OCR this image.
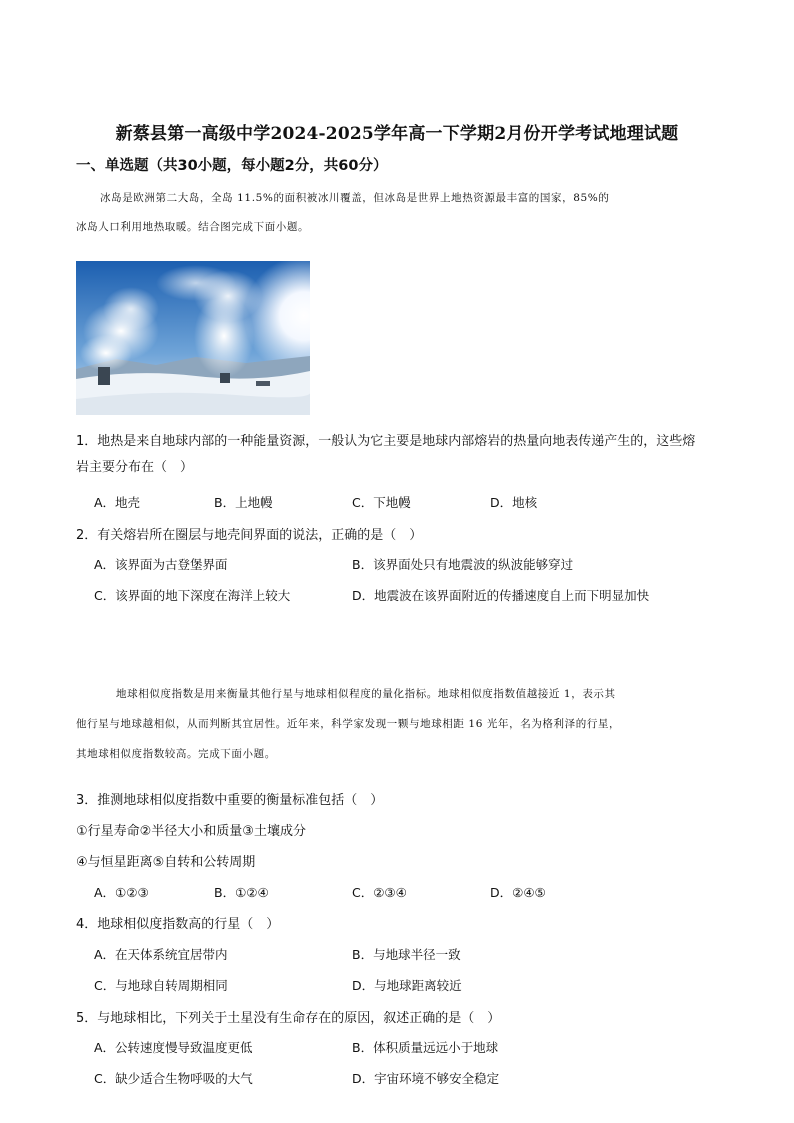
新蔡县第一高级中学2024-2025学年高一下学期2月份开学考试地理试题
一、单选题（共30小题，每小题2分，共60分）
冰岛是欧洲第二大岛，全岛 11.5%的面积被冰川覆盖，但冰岛是世界上地热资源最丰富的国家，85%的
冰岛人口利用地热取暖。结合图完成下面小题。
1．地热是来自地球内部的一种能量资源，一般认为它主要是地球内部熔岩的热量向地表传递产生的，这些熔
岩主要分布在（　）
A．地壳	B．上地幔	C．下地幔	D．地核
2．有关熔岩所在圈层与地壳间界面的说法，正确的是（　）
A．该界面为古登堡界面	B．该界面处只有地震波的纵波能够穿过
C．该界面的地下深度在海洋上较大	D．地震波在该界面附近的传播速度自上而下明显加快
地球相似度指数是用来衡量其他行星与地球相似程度的量化指标。地球相似度指数值越接近 1，表示其
他行星与地球越相似，从而判断其宜居性。近年来，科学家发现一颗与地球相距 16 光年，名为格利泽的行星，
其地球相似度指数较高。完成下面小题。
3．推测地球相似度指数中重要的衡量标准包括（　）
①行星寿命②半径大小和质量③土壤成分
④与恒星距离⑤自转和公转周期
A．①②③	B．①②④	C．②③④	D．②④⑤
4．地球相似度指数高的行星（　）
A．在天体系统宜居带内	B．与地球半径一致
C．与地球自转周期相同	D．与地球距离较近
5．与地球相比，下列关于土星没有生命存在的原因，叙述正确的是（　）
A．公转速度慢导致温度更低	B．体积质量远远小于地球
C．缺少适合生物呼吸的大气	D．宇宙环境不够安全稳定
